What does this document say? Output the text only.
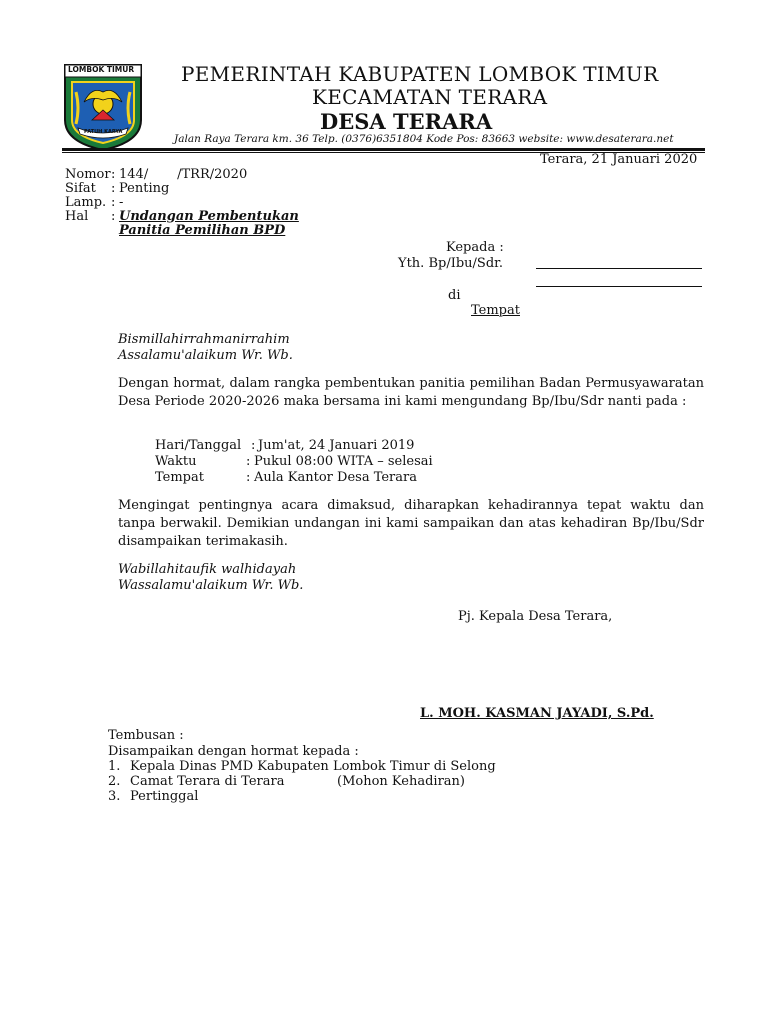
LOMBOK TIMUR
PATUH KARYA
PEMERINTAH KABUPATEN LOMBOK TIMUR
KECAMATAN TERARA
DESA TERARA
Jalan Raya Terara km. 36 Telp. (0376)6351804 Kode Pos: 83663 website: www.desaterara.net
Terara, 21 Januari 2020
Nomor : 144/       /TRR/2020
Sifat : Penting
Lamp. : -
Hal : Undangan Pembentukan
Panitia Pemilihan BPD
Kepada :
Yth. Bp/Ibu/Sdr.
di
Tempat
Bismillahirrahmanirrahim
Assalamu'alaikum Wr. Wb.
Dengan hormat, dalam rangka pembentukan panitia pemilihan Badan Permusyawaratan Desa Periode 2020-2026 maka bersama ini kami mengundang Bp/Ibu/Sdr nanti pada :
Hari/Tanggal : Jum'at, 24 Januari 2019
Waktu	: Pukul 08:00 WITA – selesai
Tempat	: Aula Kantor Desa Terara
Mengingat pentingnya acara dimaksud, diharapkan kehadirannya tepat waktu dan tanpa berwakil. Demikian undangan ini kami sampaikan dan atas kehadiran Bp/Ibu/Sdr disampaikan terimakasih.
Wabillahitaufik walhidayah
Wassalamu'alaikum Wr. Wb.
Pj. Kepala Desa Terara,
L. MOH. KASMAN JAYADI, S.Pd.
Tembusan :
Disampaikan dengan hormat kepada :
1. Kepala Dinas PMD Kabupaten Lombok Timur di Selong
2. Camat Terara di Terara	(Mohon Kehadiran)
3. Pertinggal
